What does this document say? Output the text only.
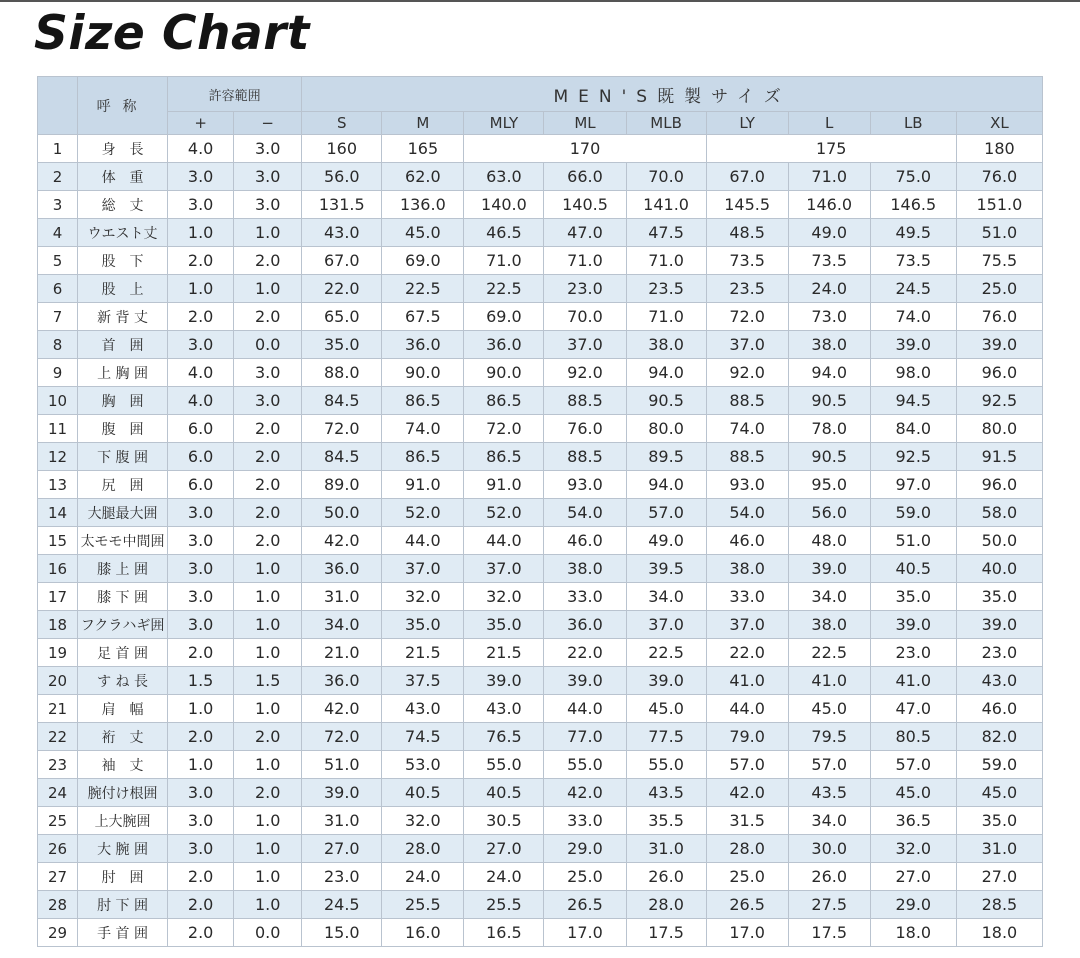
Size Chart
	呼称	許容範囲		MEN'S既製サイズ								
		+	−	S	M	MLY	ML	MLB	LY	L	LB	XL
1	身　長	4.0	3.0	160	165	170			175			180
2	体　重	3.0	3.0	56.0	62.0	63.0	66.0	70.0	67.0	71.0	75.0	76.0
3	総　丈	3.0	3.0	131.5	136.0	140.0	140.5	141.0	145.5	146.0	146.5	151.0
4	ウエスト丈	1.0	1.0	43.0	45.0	46.5	47.0	47.5	48.5	49.0	49.5	51.0
5	股　下	2.0	2.0	67.0	69.0	71.0	71.0	71.0	73.5	73.5	73.5	75.5
6	股　上	1.0	1.0	22.0	22.5	22.5	23.0	23.5	23.5	24.0	24.5	25.0
7	新 背 丈	2.0	2.0	65.0	67.5	69.0	70.0	71.0	72.0	73.0	74.0	76.0
8	首　囲	3.0	0.0	35.0	36.0	36.0	37.0	38.0	37.0	38.0	39.0	39.0
9	上 胸 囲	4.0	3.0	88.0	90.0	90.0	92.0	94.0	92.0	94.0	98.0	96.0
10	胸　囲	4.0	3.0	84.5	86.5	86.5	88.5	90.5	88.5	90.5	94.5	92.5
11	腹　囲	6.0	2.0	72.0	74.0	72.0	76.0	80.0	74.0	78.0	84.0	80.0
12	下 腹 囲	6.0	2.0	84.5	86.5	86.5	88.5	89.5	88.5	90.5	92.5	91.5
13	尻　囲	6.0	2.0	89.0	91.0	91.0	93.0	94.0	93.0	95.0	97.0	96.0
14	大腿最大囲	3.0	2.0	50.0	52.0	52.0	54.0	57.0	54.0	56.0	59.0	58.0
15	太モモ中間囲	3.0	2.0	42.0	44.0	44.0	46.0	49.0	46.0	48.0	51.0	50.0
16	膝 上 囲	3.0	1.0	36.0	37.0	37.0	38.0	39.5	38.0	39.0	40.5	40.0
17	膝 下 囲	3.0	1.0	31.0	32.0	32.0	33.0	34.0	33.0	34.0	35.0	35.0
18	フクラハギ囲	3.0	1.0	34.0	35.0	35.0	36.0	37.0	37.0	38.0	39.0	39.0
19	足 首 囲	2.0	1.0	21.0	21.5	21.5	22.0	22.5	22.0	22.5	23.0	23.0
20	す ね 長	1.5	1.5	36.0	37.5	39.0	39.0	39.0	41.0	41.0	41.0	43.0
21	肩　幅	1.0	1.0	42.0	43.0	43.0	44.0	45.0	44.0	45.0	47.0	46.0
22	裄　丈	2.0	2.0	72.0	74.5	76.5	77.0	77.5	79.0	79.5	80.5	82.0
23	袖　丈	1.0	1.0	51.0	53.0	55.0	55.0	55.0	57.0	57.0	57.0	59.0
24	腕付け根囲	3.0	2.0	39.0	40.5	40.5	42.0	43.5	42.0	43.5	45.0	45.0
25	上大腕囲	3.0	1.0	31.0	32.0	30.5	33.0	35.5	31.5	34.0	36.5	35.0
26	大 腕 囲	3.0	1.0	27.0	28.0	27.0	29.0	31.0	28.0	30.0	32.0	31.0
27	肘　囲	2.0	1.0	23.0	24.0	24.0	25.0	26.0	25.0	26.0	27.0	27.0
28	肘 下 囲	2.0	1.0	24.5	25.5	25.5	26.5	28.0	26.5	27.5	29.0	28.5
29	手 首 囲	2.0	0.0	15.0	16.0	16.5	17.0	17.5	17.0	17.5	18.0	18.0
